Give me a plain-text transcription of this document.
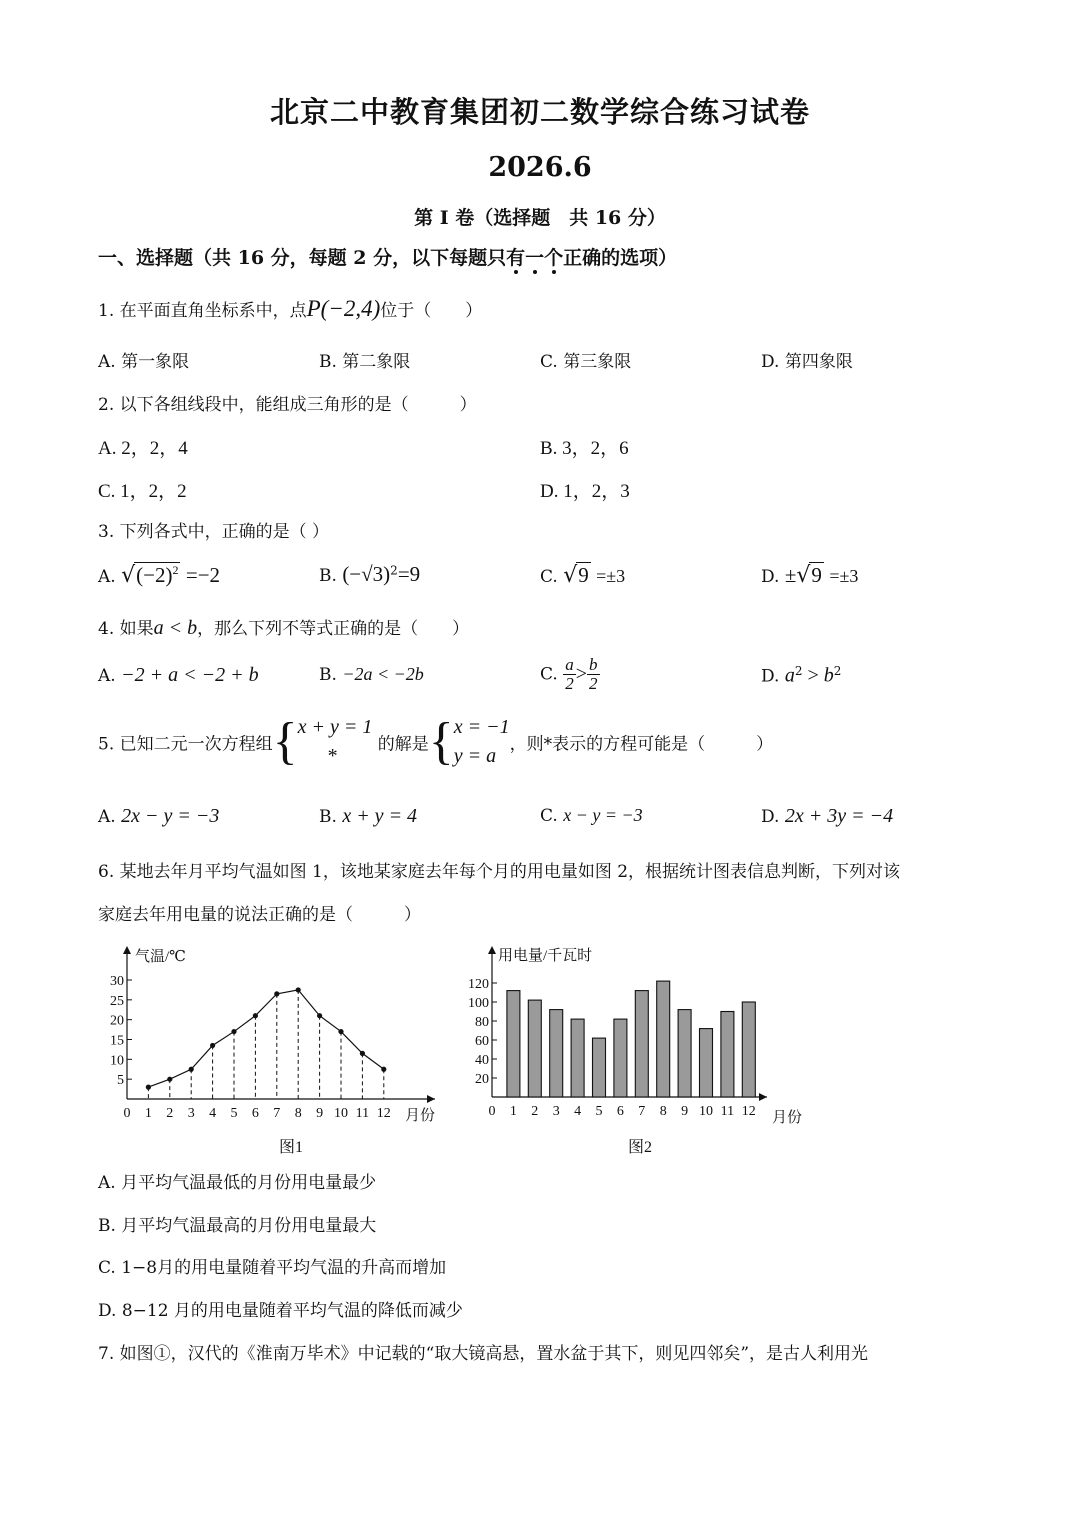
北京二中教育集团初二数学综合练习试卷
2026.6
第 I 卷（选择题　共 16 分）
一、选择题（共 16 分，每题 2 分，以下每题只有一个正确的选项）
1. 在平面直角坐标系中，点P(−2,4)位于（　　）
A. 第一象限	B. 第二象限	C. 第三象限	D. 第四象限
2. 以下各组线段中，能组成三角形的是（　　　）
A. 2，2，4	B. 3，2，6
C. 1，2，2	D. 1，2，3
3. 下列各式中，正确的是（ ）
A. $√(-2)^2 =-2$	B. $(-√3)^2=9$	C. √9 =±3	D. ±√9 =±3
4. 如果a < b，那么下列不等式正确的是（　　）
A. −2 + a < −2 + b	B. −2a < −2b	C. $\frac{a}{2} > \frac{b}{2}$	D. $a^2 > b^2$
5. 已知二元一次方程组{ x + y = 1
*
的解是{ x = −1
y = a
，则*表示的方程可能是（　　　）
A. 2x − y = −3	B. x + y = 4	C. x − y = −3	D. 2x + 3y = −4
6. 某地去年月平均气温如图 1，该地某家庭去年每个月的用电量如图 2，根据统计图表信息判断，下列对该
家庭去年用电量的说法正确的是（　　　）
气温/℃
月份
5
10
15
20
25
30
0 1 2 3 4 5 6 7 8 9 10 11 12
图1
用电量/千瓦时
月份
20
40
60
80
100
120
0 1 2 3 4 5 6 7 8 9 10 11 12
图2
A. 月平均气温最低的月份用电量最少
B. 月平均气温最高的月份用电量最大
C. 1−8月的用电量随着平均气温的升高而增加
D. 8−12 月的用电量随着平均气温的降低而减少
7. 如图①，汉代的《淮南万毕术》中记载的“取大镜高悬，置水盆于其下，则见四邻矣”，是古人利用光
